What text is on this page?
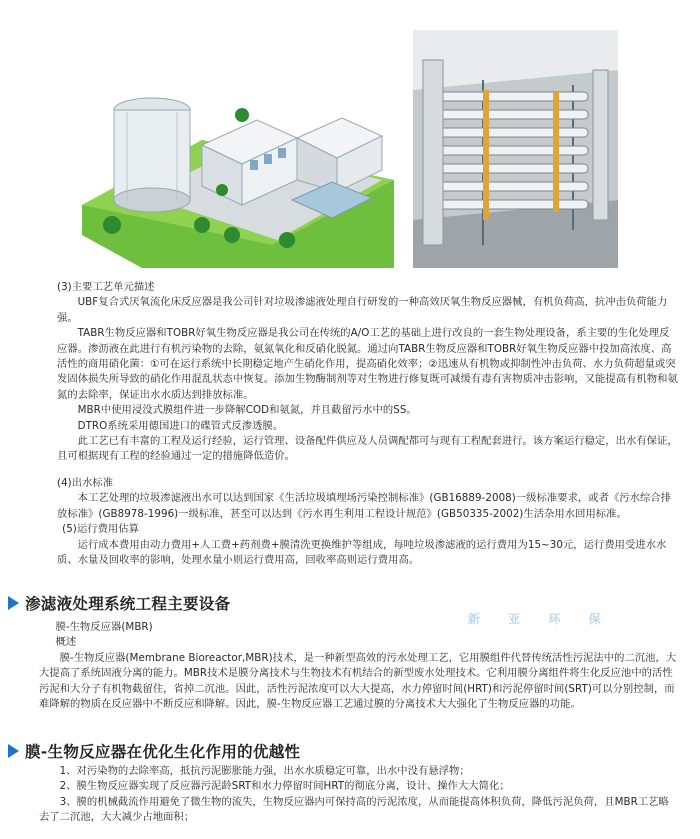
(3)主要工艺单元描述

UBF复合式厌氧流化床反应器是我公司针对垃圾渗滤液处理自行研发的一种高效厌氧生物反应器械，有机负荷高，抗冲击负荷能力强。

TABR生物反应器和TOBR好氧生物反应器是我公司在传统的A/O工艺的基础上进行改良的一套生物处理设备，系主要的生化处理反应器。渗沥液在此进行有机污染物的去除，氨氮氧化和反硝化脱氮。通过向TABR生物反应器和TOBR好氧生物反应器中投加高浓度、高活性的商用硝化菌：①可在运行系统中长期稳定地产生硝化作用，提高硝化效率；②迅速从有机物或抑制性冲击负荷、水力负荷超量或突发固体损失所导致的硝化作用混乱状态中恢复。添加生物酶制剂等对生物进行修复既可减缓有毒有害物质冲击影响，又能提高有机物和氨氮的去除率，保证出水水质达到排放标准。

MBR中使用浸没式膜组件进一步降解COD和氨氮，并且截留污水中的SS。

DTRO系统采用德国进口的碟管式反渗透膜。

此工艺已有丰富的工程及运行经验，运行管理、设备配件供应及人员调配都可与现有工程配套进行。该方案运行稳定，出水有保证，且可根据现有工程的经验通过一定的措施降低造价。

(4)出水标准

本工艺处理的垃圾渗滤液出水可以达到国家《生活垃圾填埋场污染控制标准》(GB16889-2008)一级标准要求，或者《污水综合排放标准》(GB8978-1996)一级标准，甚至可以达到《污水再生利用工程设计规范》(GB50335-2002)生活杂用水回用标准。

(5)运行费用估算

运行成本费用由动力费用+人工费+药剂费+膜清洗更换维护等组成，每吨垃圾渗滤液的运行费用为15~30元，运行费用受进水水质、水量及回收率的影响，处理水量小则运行费用高，回收率高则运行费用高。

渗滤液处理系统工程主要设备
新 亚 环 保

膜-生物反应器(MBR)

概述

膜-生物反应器(Membrane Bioreactor,MBR)技术，是一种新型高效的污水处理工艺，它用膜组件代替传统活性污泥法中的二沉池，大大提高了系统固液分离的能力。MBR技术是膜分离技术与生物技术有机结合的新型废水处理技术。它利用膜分离组件将生化反应池中的活性污泥和大分子有机物截留住，省掉二沉池。因此，活性污泥浓度可以大大提高，水力停留时间(HRT)和污泥停留时间(SRT)可以分别控制，而难降解的物质在反应器中不断反应和降解。因此，膜-生物反应器工艺通过膜的分离技术大大强化了生物反应器的功能。

膜-生物反应器在优化生化作用的优越性

1、对污染物的去除率高，抵抗污泥膨胀能力强，出水水质稳定可靠，出水中没有悬浮物；

2、膜生物反应器实现了反应器污泥龄SRT和水力停留时间HRT的彻底分离，设计、操作大大简化；

3、膜的机械截流作用避免了微生物的流失，生物反应器内可保持高的污泥浓度，从而能提高体积负荷，降低污泥负荷，且MBR工艺略去了二沉池，大大减少占地面积；
